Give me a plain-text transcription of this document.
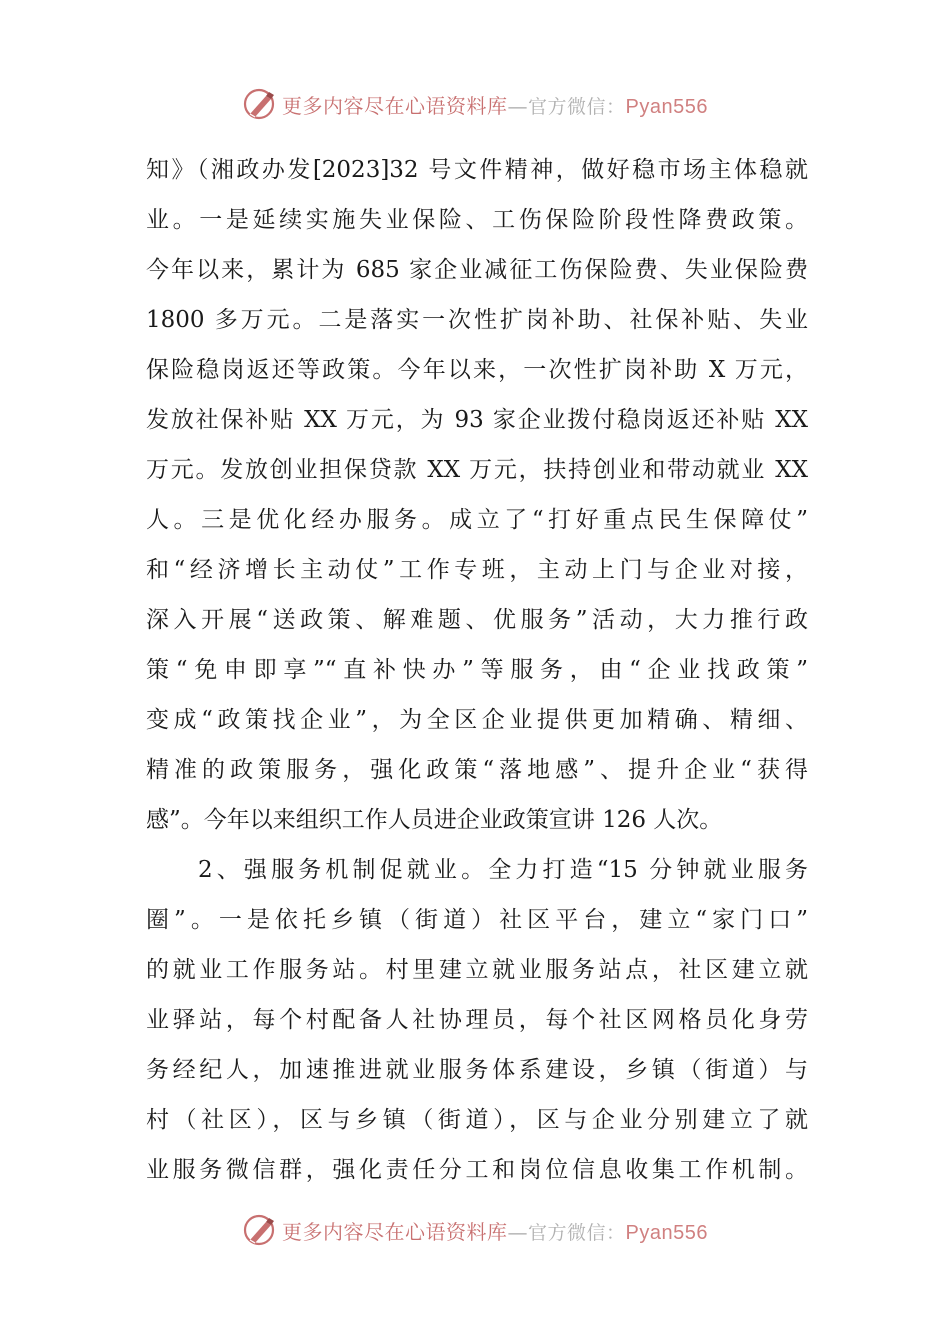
更多内容尽在心语资料库—官方微信：Pyan556
知》（湘政办发[2023]32 号文件精神，做好稳市场主体稳就
业。一是延续实施失业保险、工伤保险阶段性降费政策。
今年以来，累计为 685 家企业减征工伤保险费、失业保险费
1800 多万元。二是落实一次性扩岗补助、社保补贴、失业
保险稳岗返还等政策。今年以来，一次性扩岗补助 X 万元，
发放社保补贴 XX 万元，为 93 家企业拨付稳岗返还补贴 XX
万元。发放创业担保贷款 XX 万元，扶持创业和带动就业 XX
人。三是优化经办服务。成立了“打好重点民生保障仗”
和“经济增长主动仗”工作专班，主动上门与企业对接，
深入开展“送政策、解难题、优服务”活动，大力推行政
策“免申即享”“直补快办”等服务，由“企业找政策”
变成“政策找企业”，为全区企业提供更加精确、精细、
精准的政策服务，强化政策“落地感”、提升企业“获得
感”。今年以来组织工作人员进企业政策宣讲 126 人次。
2、强服务机制促就业。全力打造“15 分钟就业服务
圈”。一是依托乡镇（街道）社区平台，建立“家门口”
的就业工作服务站。村里建立就业服务站点，社区建立就
业驿站，每个村配备人社协理员，每个社区网格员化身劳
务经纪人，加速推进就业服务体系建设，乡镇（街道）与
村（社区），区与乡镇（街道），区与企业分别建立了就
业服务微信群，强化责任分工和岗位信息收集工作机制。
更多内容尽在心语资料库—官方微信：Pyan556
